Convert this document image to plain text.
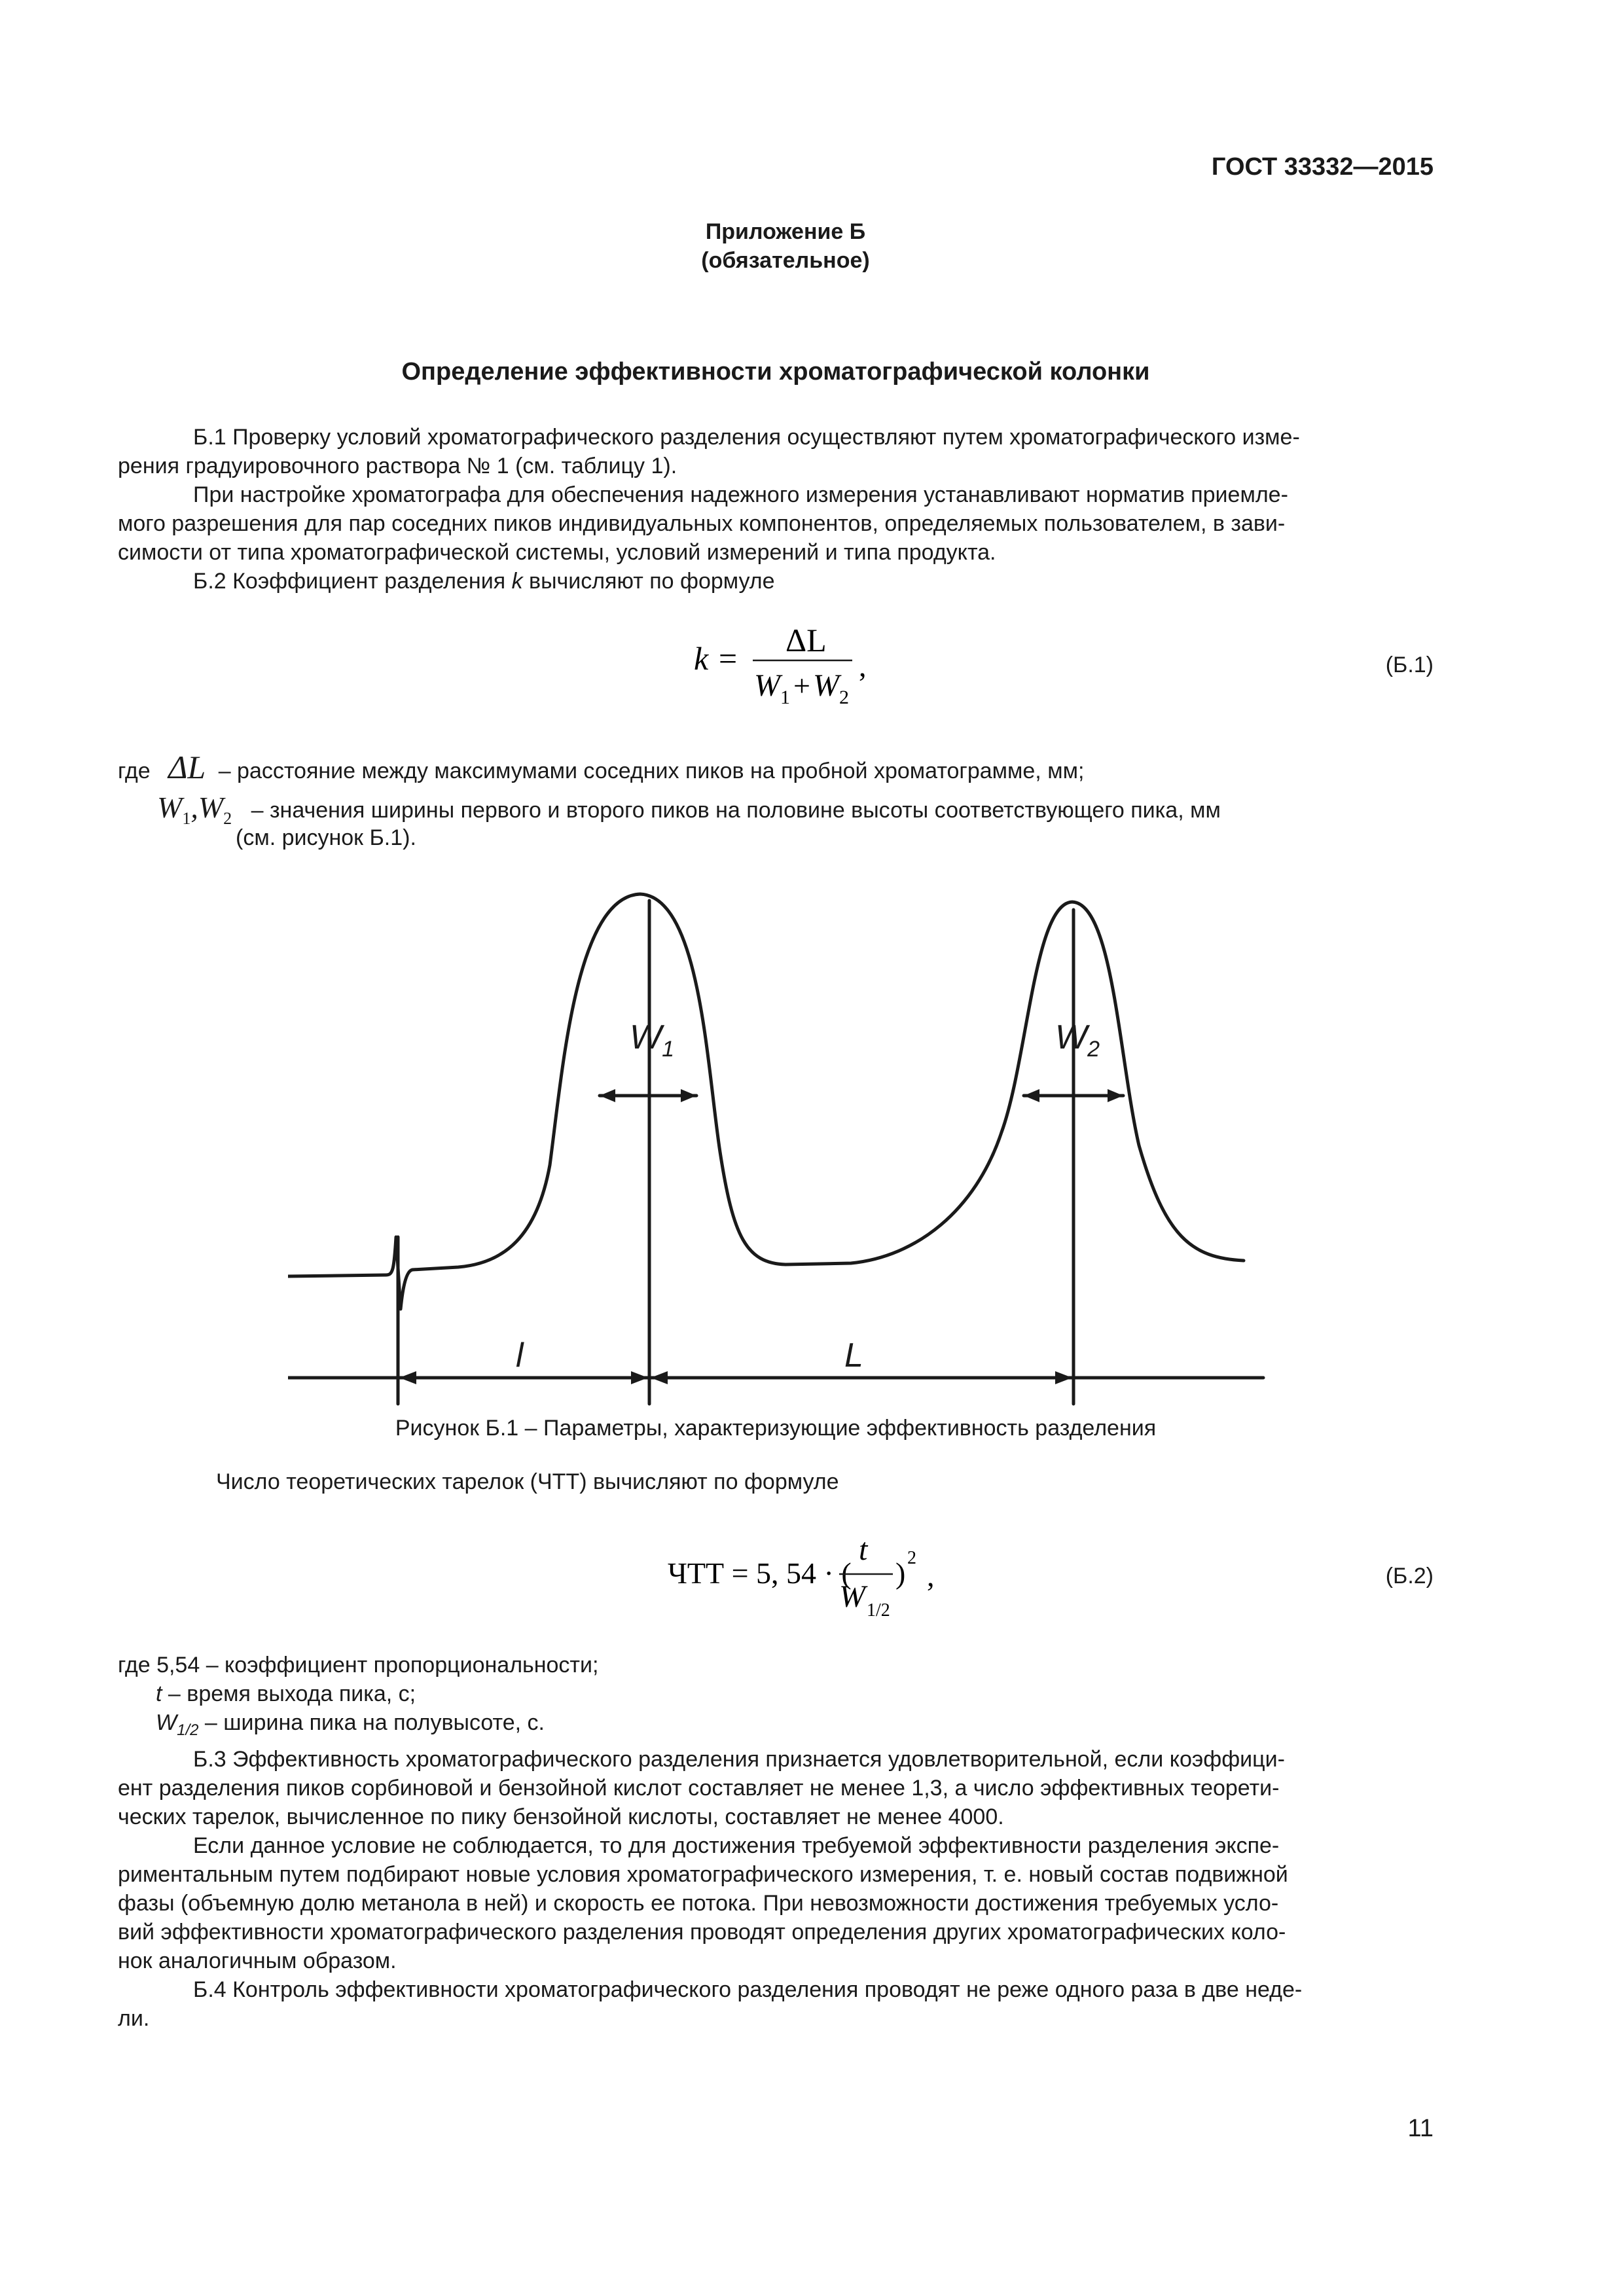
ГОСТ 33332—2015
Приложение Б
(обязательное)
Определение эффективности хроматографической колонки
Б.1 Проверку условий хроматографического разделения осуществляют путем хроматографического изме-
рения градуировочного раствора № 1 (см. таблицу 1).
При настройке хроматографа для обеспечения надежного измерения устанавливают норматив приемле-
мого разрешения для пар соседних пиков индивидуальных компонентов, определяемых пользователем, в зави-
симости от типа хроматографической системы, условий измерений и типа продукта.
Б.2 Коэффициент разделения k вычисляют по формуле
k = ΔL
W 1 + W 2
,	(Б.1)
где ΔL – расстояние между максимумами соседних пиков на пробной хроматограмме, мм;
$W_1,W_2$ – значения ширины первого и второго пиков на половине высоты соответствующего пика, мм
(см. рисунок Б.1).
$W_1$	$W_2$
l	L
Рисунок Б.1 – Параметры, характеризующие эффективность разделения
Число теоретических тарелок (ЧТТ) вычисляют по формуле
ЧТТ = 5, 54 · (
t
W 1/2
) 2
,	(Б.2)
где 5,54 – коэффициент пропорциональности;
t – время выхода пика, с;
$W_{1/2}$ – ширина пика на полувысоте, с.
Б.3 Эффективность хроматографического разделения признается удовлетворительной, если коэффици-
ент разделения пиков сорбиновой и бензойной кислот составляет не менее 1,3, а число эффективных теорети-
ческих тарелок, вычисленное по пику бензойной кислоты, составляет не менее 4000.
Если данное условие не соблюдается, то для достижения требуемой эффективности разделения экспе-
риментальным путем подбирают новые условия хроматографического измерения, т. е. новый состав подвижной
фазы (объемную долю метанола в ней) и скорость ее потока. При невозможности достижения требуемых усло-
вий эффективности хроматографического разделения проводят определения других хроматографических коло-
нок аналогичным образом.
Б.4 Контроль эффективности хроматографического разделения проводят не реже одного раза в две неде-
ли.
11
